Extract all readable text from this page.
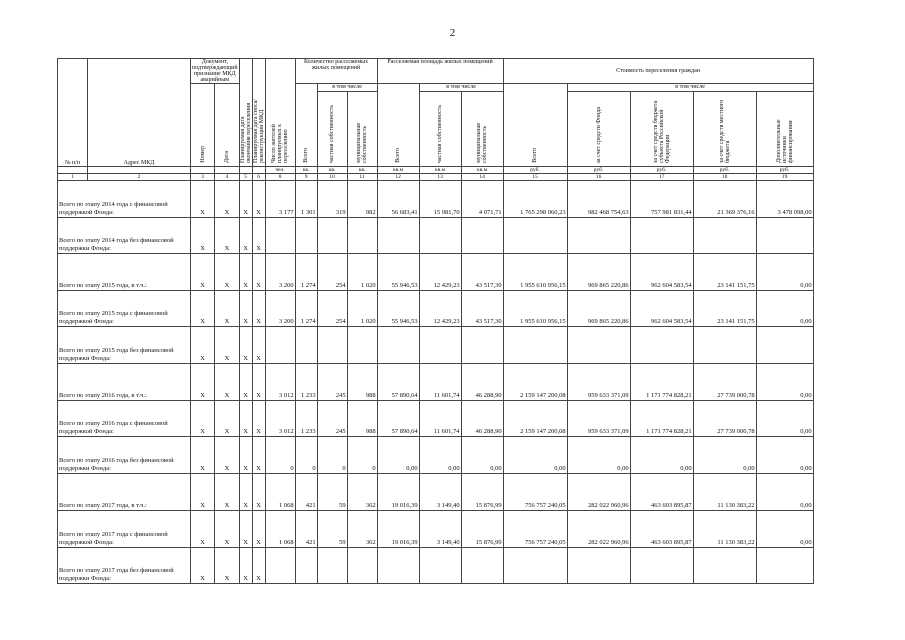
2
№ п/п	Адрес МКД	Документ, подтверждающий признание МКД аварийным		Планируемая дата окончания переселения	Планируемая дата сноса/ реконструкции МКД	Число жителей планируемых к переселению	Количество расселяемых жилых помещений			Расселяемая площадь жилых помещений			Стоимость переселения граждан				
		Номер	Дата				Всего	в том числе		Всего	в том числе		Всего	в том числе			
								частная собственность	муниципальная собственность		частная собственность	муниципальная собственность		за счет средств Фонда	за счет средств бюджета субъекта Российской Федерации	за счет средств местного бюджета	Дополнительные источники финансирования
						чел.	кв.	кв.	кв.	кв.м	кв.м	кв.м	руб.	руб.	руб.	руб.	руб.
1	2	3	4	5	6	8	9	10	11	12	13	14	15	16	17	18	19
Всего по этапу 2014 года с финансовой поддержкой Фонда:		Х	Х	Х	Х	3 177	1 301	319	982	56 683,41	15 981,70	4 071,71	1 765 298 060,23	982 468 754,63	757 981 831,44	21 369 376,16	3 478 098,00
Всего по этапу 2014 года без финансовой поддержки Фонда:		Х	Х	Х	Х												
Всего по этапу 2015 года, в т.ч.:		Х	Х	Х	Х	3 200	1 274	254	1 020	55 946,53	12 429,23	43 517,30	1 955 610 956,15	969 865 220,86	962 604 583,54	23 141 151,75	0,00
Всего по этапу 2015 года с финансовой поддержкой Фонда:		Х	Х	Х	Х	3 200	1 274	254	1 020	55 946,53	12 429,23	43 517,30	1 955 610 956,15	969 865 220,86	962 604 583,54	23 141 151,75	0,00
Всего по этапу 2015 года без финансовой поддержки Фонда:		Х	Х	Х	Х												
Всего по этапу 2016 года, в т.ч.:		Х	Х	Х	Х	3 012	1 233	245	988	57 890,64	11 601,74	46 288,90	2 159 147 200,08	959 633 371,09	1 171 774 828,21	27 739 000,78	0,00
Всего по этапу 2016 года с финансовой поддержкой Фонда:		Х	Х	Х	Х	3 012	1 233	245	988	57 890,64	11 601,74	46 288,90	2 159 147 200,08	959 633 371,09	1 171 774 828,21	27 739 000,78	0,00
Всего по этапу 2016 года без финансовой поддержки Фонда:		Х	Х	Х	Х	0	0	0	0	0,00	0,00	0,00	0,00	0,00	0,00	0,00	0,00
Всего по этапу 2017 года, в т.ч.:		Х	Х	Х	Х	1 068	421	59	362	19 016,39	3 149,40	15 876,99	756 757 240,05	282 022 960,96	463 603 895,87	11 130 383,22	0,00
Всего по этапу 2017 года с финансовой поддержкой Фонда:		Х	Х	Х	Х	1 068	421	59	362	19 016,39	3 149,40	15 876,99	756 757 240,05	282 022 960,96	463 603 895,87	11 130 383,22	0,00
Всего по этапу 2017 года без финансовой поддержки Фонда:		Х	Х	Х	Х												
